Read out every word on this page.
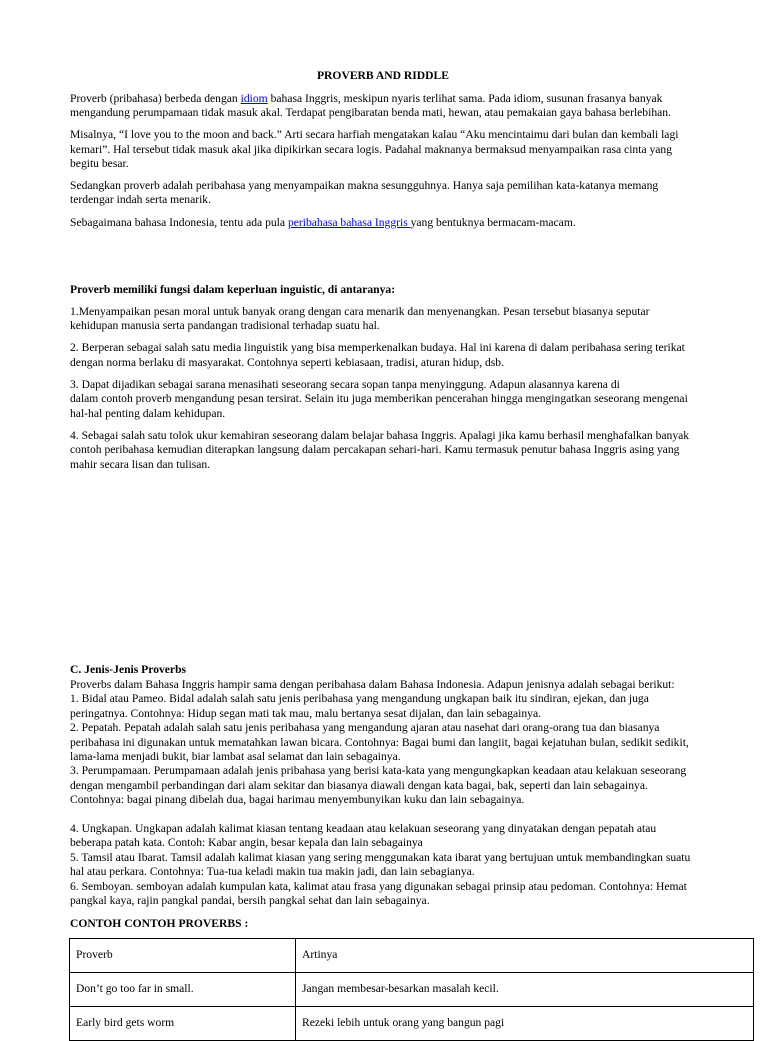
PROVERB AND RIDDLE

Proverb (pribahasa) berbeda dengan idiom bahasa Inggris, meskipun nyaris terlihat sama. Pada idiom, susunan frasanya banyak

mengandung perumpamaan tidak masuk akal. Terdapat pengibaratan benda mati, hewan, atau pemakaian gaya bahasa berlebihan.

Misalnya, “I love you to the moon and back.” Arti secara harfiah mengatakan kalau “Aku mencintaimu dari bulan dan kembali lagi

kemari”. Hal tersebut tidak masuk akal jika dipikirkan secara logis. Padahal maknanya bermaksud menyampaikan rasa cinta yang

begitu besar.

Sedangkan proverb adalah peribahasa yang menyampaikan makna sesungguhnya. Hanya saja pemilihan kata-katanya memang

terdengar indah serta menarik.

Sebagaimana bahasa Indonesia, tentu ada pula peribahasa bahasa Inggris yang bentuknya bermacam-macam.

Proverb memiliki fungsi dalam keperluan inguistic, di antaranya:

1.Menyampaikan pesan moral untuk banyak orang dengan cara menarik dan menyenangkan. Pesan tersebut biasanya seputar

kehidupan manusia serta pandangan tradisional terhadap suatu hal.

2. Berperan sebagai salah satu media linguistik yang bisa memperkenalkan budaya. Hal ini karena di dalam peribahasa sering terikat

dengan norma berlaku di masyarakat. Contohnya seperti kebiasaan, tradisi, aturan hidup, dsb.

3. Dapat dijadikan sebagai sarana menasihati seseorang secara sopan tanpa menyinggung. Adapun alasannya karena di

dalam contoh proverb mengandung pesan tersirat. Selain itu juga memberikan pencerahan hingga mengingatkan seseorang mengenai

hal-hal penting dalam kehidupan.

4. Sebagai salah satu tolok ukur kemahiran seseorang dalam belajar bahasa Inggris. Apalagi jika kamu berhasil menghafalkan banyak

contoh peribahasa kemudian diterapkan langsung dalam percakapan sehari-hari. Kamu termasuk penutur bahasa Inggris asing yang

mahir secara lisan dan tulisan.

C. Jenis-Jenis Proverbs

Proverbs dalam Bahasa Inggris hampir sama dengan peribahasa dalam Bahasa Indonesia. Adapun jenisnya adalah sebagai berikut:

1. Bidal atau Pameo. Bidal adalah salah satu jenis peribahasa yang mengandung ungkapan baik itu sindiran, ejekan, dan juga

peringatnya. Contohnya: Hidup segan mati tak mau, malu bertanya sesat dijalan, dan lain sebagainya.

2. Pepatah. Pepatah adalah salah satu jenis peribahasa yang mengandung ajaran atau nasehat dari orang-orang tua dan biasanya

peribahasa ini digunakan untuk mematahkan lawan bicara. Contohnya: Bagai bumi dan langiit, bagai kejatuhan bulan, sedikit sedikit,

lama-lama menjadi bukit, biar lambat asal selamat dan lain sebagainya.

3. Perumpamaan. Perumpamaan adalah jenis pribahasa yang berisi kata-kata yang mengungkapkan keadaan atau kelakuan seseorang

dengan mengambil perbandingan dari alam sekitar dan biasanya diawali dengan kata bagai, bak, seperti dan lain sebagainya.

Contohnya: bagai pinang dibelah dua, bagai harimau menyembunyikan kuku dan lain sebagainya.

4. Ungkapan. Ungkapan adalah kalimat kiasan tentang keadaan atau kelakuan seseorang yang dinyatakan dengan pepatah atau

beberapa patah kata. Contoh: Kabar angin, besar kepala dan lain sebagainya

5. Tamsil atau Ibarat. Tamsil adalah kalimat kiasan yang sering menggunakan kata ibarat yang bertujuan untuk membandingkan suatu

hal atau perkara. Contohnya: Tua-tua keladi makin tua makin jadi, dan lain sebagianya.

6. Semboyan. semboyan adalah kumpulan kata, kalimat atau frasa yang digunakan sebagai prinsip atau pedoman. Contohnya: Hemat

pangkal kaya, rajin pangkal pandai, bersih pangkal sehat dan lain sebagainya.

CONTOH CONTOH PROVERBS :

Proverb	Artinya
Don’t go too far in small.	Jangan membesar-besarkan masalah kecil.
Early bird gets worm	Rezeki lebih untuk orang yang bangun pagi
